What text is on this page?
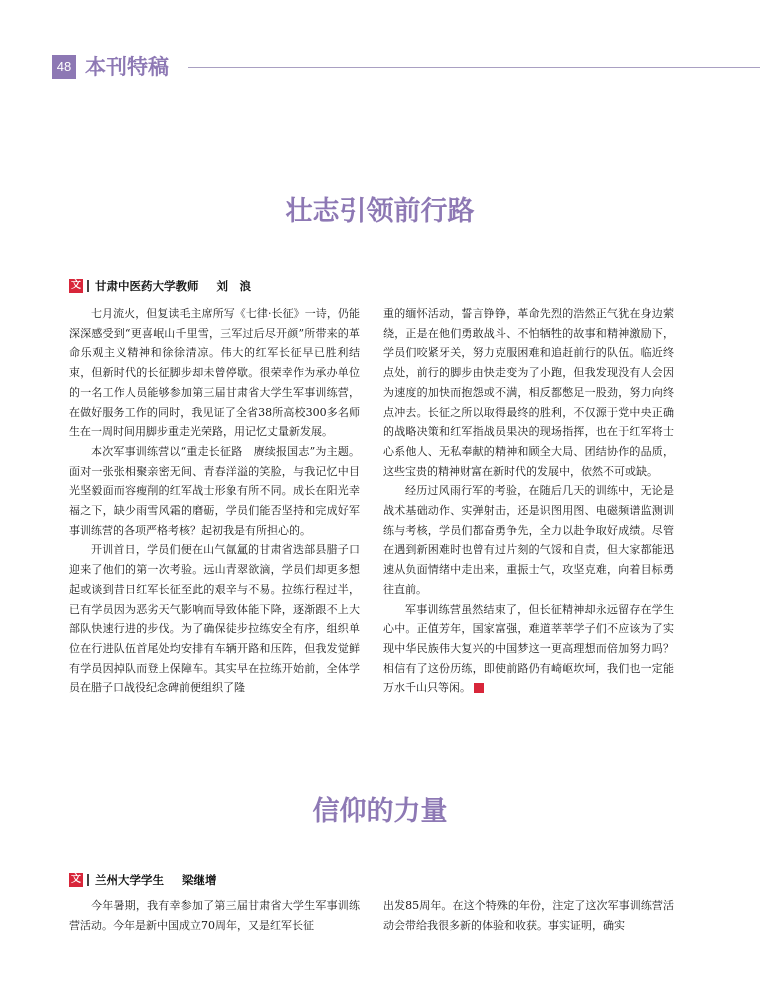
48 本刊特稿
壮志引领前行路
文 甘肃中医药大学教师 刘　浪

七月流火，但复读毛主席所写《七律·长征》一诗，仍能深深感受到“更喜岷山千里雪，三军过后尽开颜”所带来的革命乐观主义精神和徐徐清凉。伟大的红军长征早已胜利结束，但新时代的长征脚步却未曾停歇。很荣幸作为承办单位的一名工作人员能够参加第三届甘肃省大学生军事训练营，在做好服务工作的同时，我见证了全省38所高校300多名师生在一周时间用脚步重走光荣路，用记忆丈量新发展。

本次军事训练营以“重走长征路　赓续报国志”为主题。面对一张张相聚亲密无间、青春洋溢的笑脸，与我记忆中目光坚毅面而容瘦削的红军战士形象有所不同。成长在阳光幸福之下，缺少雨雪风霜的磨砺，学员们能否坚持和完成好军事训练营的各项严格考核？起初我是有所担心的。

开训首日，学员们便在山气氤氲的甘肃省迭部县腊子口迎来了他们的第一次考验。远山青翠欲滴，学员们却更多想起或谈到昔日红军长征至此的艰辛与不易。拉练行程过半，已有学员因为恶劣天气影响而导致体能下降，逐渐跟不上大部队快速行进的步伐。为了确保徒步拉练安全有序，组织单位在行进队伍首尾处均安排有车辆开路和压阵，但我发觉鲜有学员因掉队而登上保障车。其实早在拉练开始前，全体学员在腊子口战役纪念碑前便组织了隆

重的缅怀活动，誓言铮铮，革命先烈的浩然正气犹在身边萦绕，正是在他们勇敢战斗、不怕牺牲的故事和精神激励下，学员们咬紧牙关，努力克服困难和追赶前行的队伍。临近终点处，前行的脚步由快走变为了小跑，但我发现没有人会因为速度的加快而抱怨或不满，相反都憋足一股劲，努力向终点冲去。长征之所以取得最终的胜利，不仅源于党中央正确的战略决策和红军指战员果决的现场指挥，也在于红军将士心系他人、无私奉献的精神和顾全大局、团结协作的品质，这些宝贵的精神财富在新时代的发展中，依然不可或缺。

经历过风雨行军的考验，在随后几天的训练中，无论是战术基础动作、实弹射击，还是识图用图、电磁频谱监测训练与考核，学员们都奋勇争先，全力以赴争取好成绩。尽管在遇到新困难时也曾有过片刻的气馁和自责，但大家都能迅速从负面情绪中走出来，重振士气，攻坚克难，向着目标勇往直前。

军事训练营虽然结束了，但长征精神却永远留存在学生心中。正值芳年，国家富强，难道莘莘学子们不应该为了实现中华民族伟大复兴的中国梦这一更高理想而倍加努力吗？相信有了这份历练，即使前路仍有崎岖坎坷，我们也一定能万水千山只等闲。	G

信仰的力量
文 兰州大学学生 梁继增

今年暑期，我有幸参加了第三届甘肃省大学生军事训练营活动。今年是新中国成立70周年，又是红军长征

出发85周年。在这个特殊的年份，注定了这次军事训练营活动会带给我很多新的体验和收获。事实证明，确实
